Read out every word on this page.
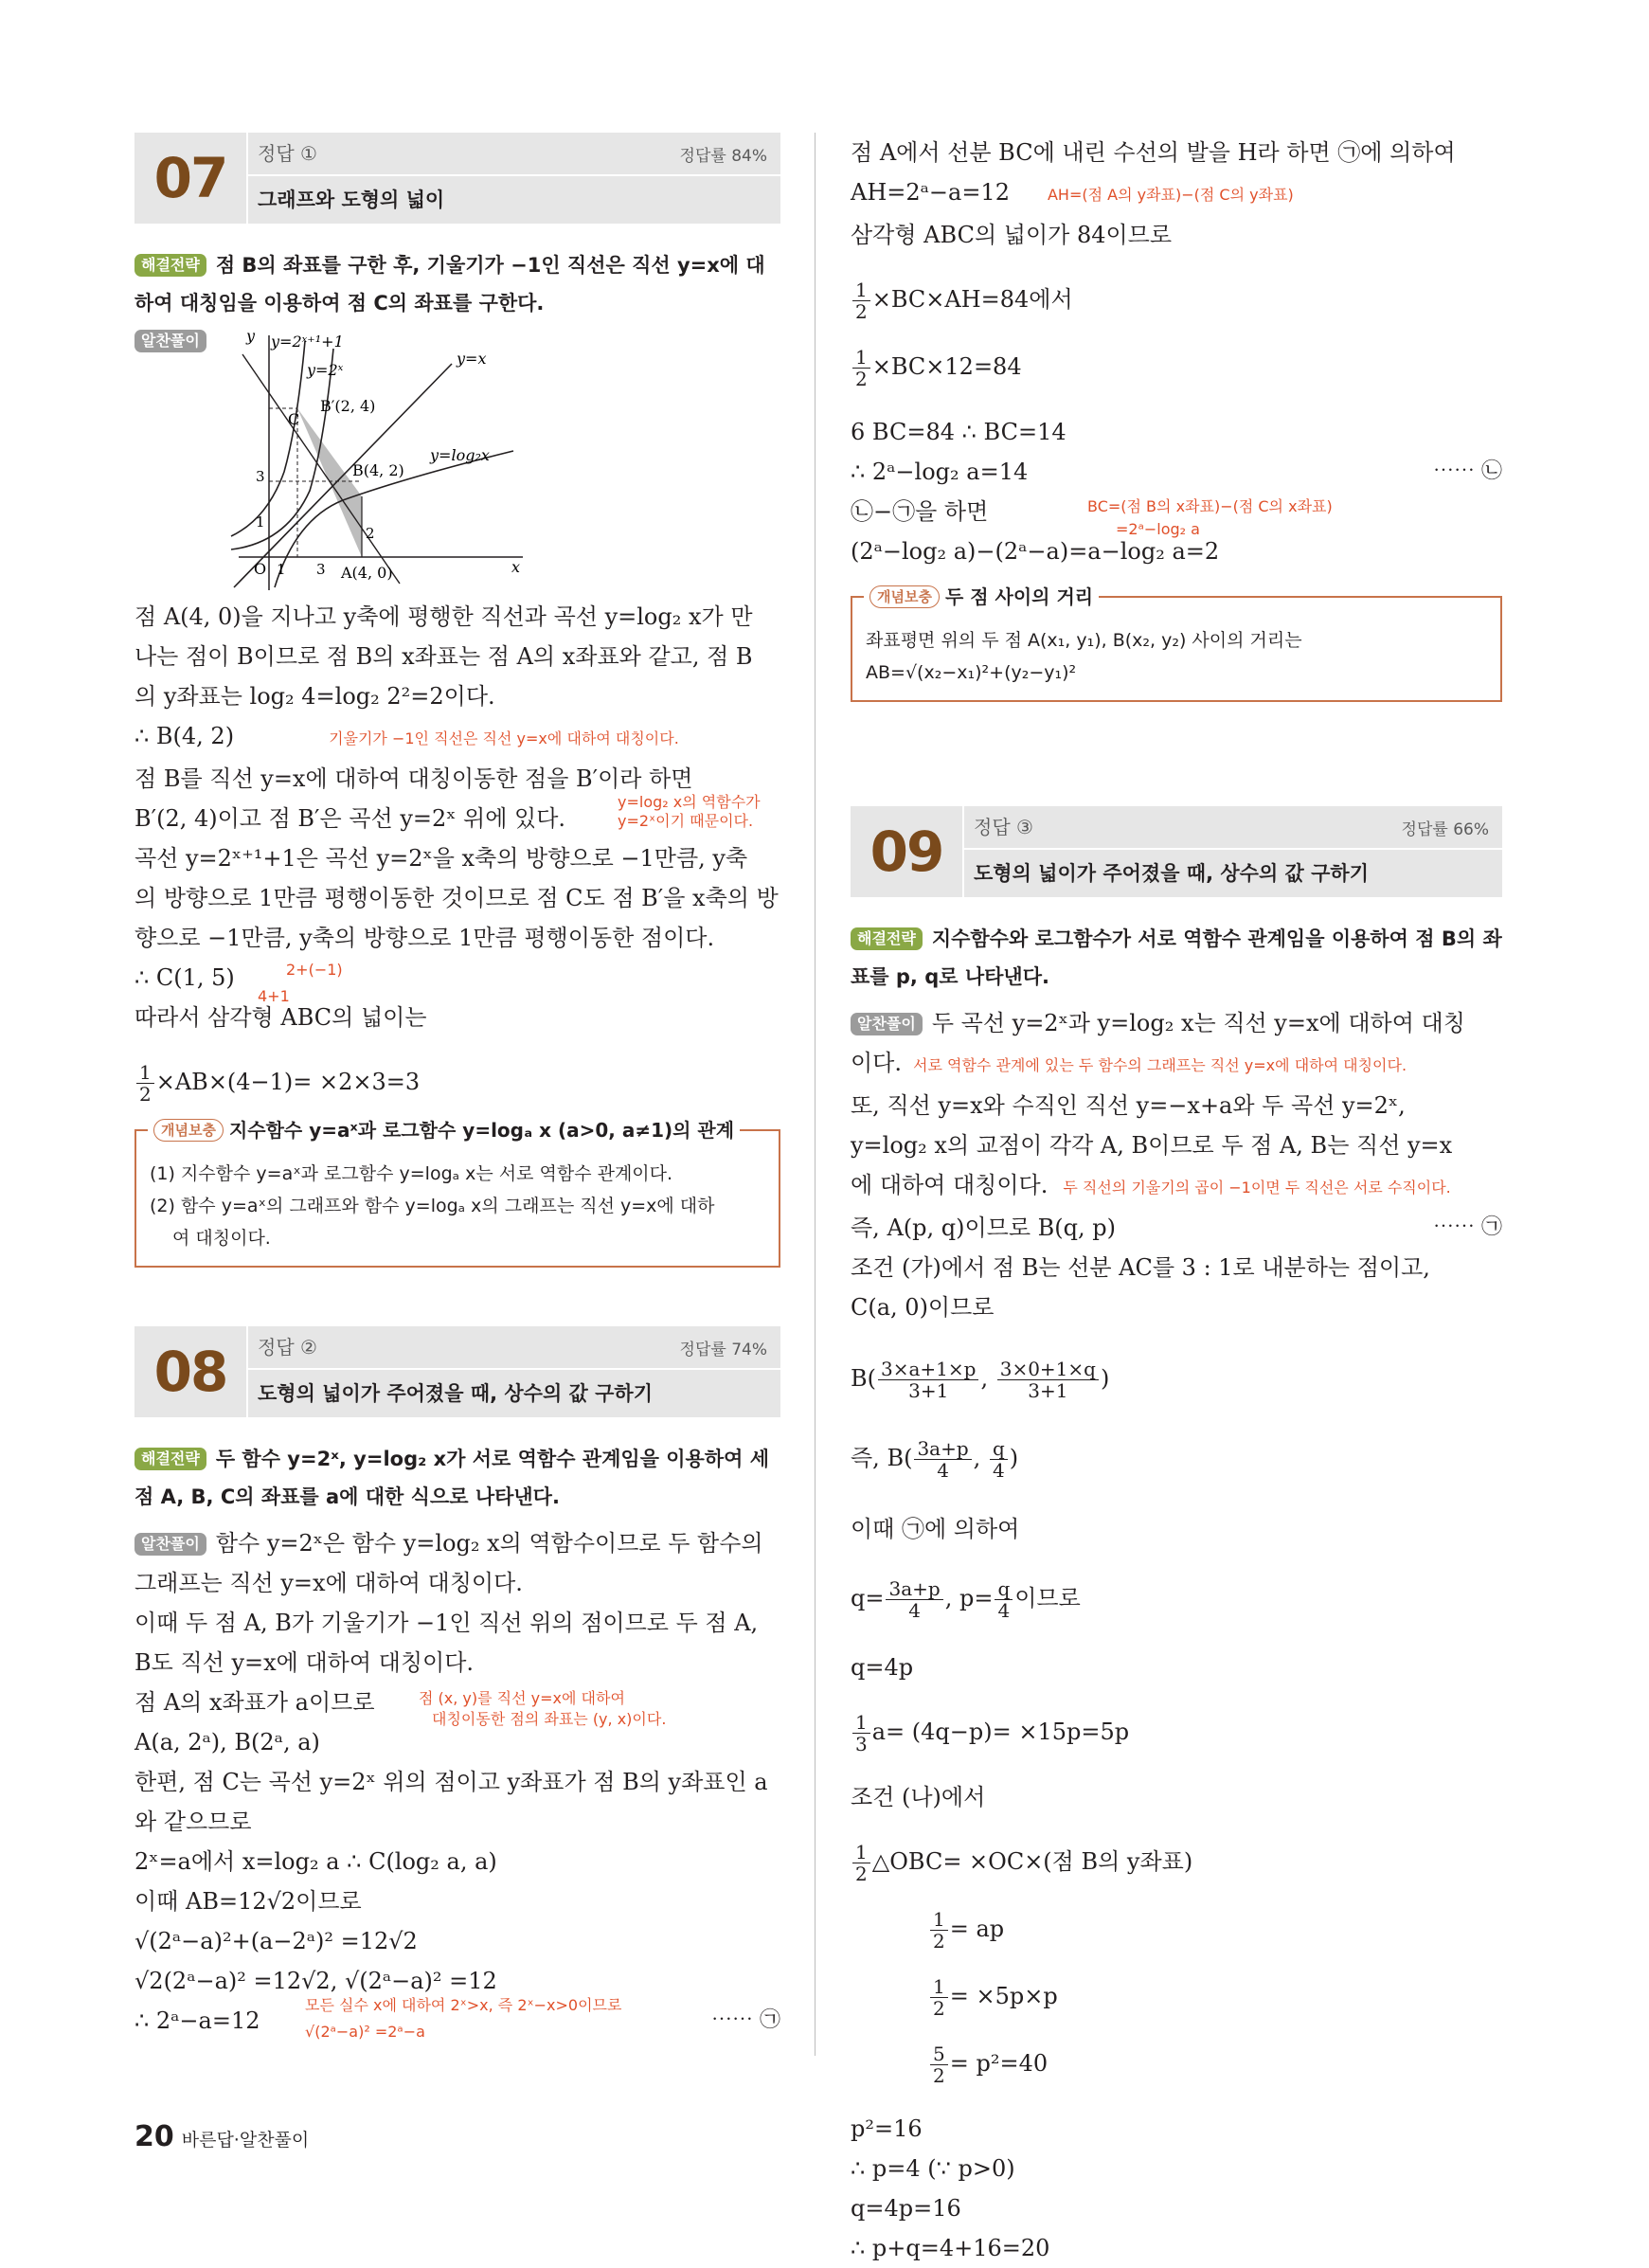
07	정답 ①	정답률 84%
그래프와 도형의 넓이
해결전략 점 B의 좌표를 구한 후, 기울기가 −1인 직선은 직선 y=x에 대하여 대칭임을 이용하여 점 C의 좌표를 구한다.
알찬풀이	y
x
O
y=2ˣ⁺¹+1
y=2ˣ
y=x
y=log₂x
B′(2, 4)
B(4, 2)
A(4, 0)
C
3
1
2
1 3

점 A(4, 0)을 지나고 y축에 평행한 직선과 곡선 y=log₂ x가 만

나는 점이 B이므로 점 B의 x좌표는 점 A의 x좌표와 같고, 점 B

의 y좌표는 log₂ 4=log₂ 2²=2이다.

∴ B(4, 2)	기울기가 −1인 직선은 직선 y=x에 대하여 대칭이다.

점 B를 직선 y=x에 대하여 대칭이동한 점을 B′이라 하면

B′(2, 4)이고 점 B′은 곡선 y=2ˣ 위에 있다.
y=log₂ x의 역함수가
y=2ˣ이기 때문이다.

곡선 y=2ˣ⁺¹+1은 곡선 y=2ˣ을 x축의 방향으로 −1만큼, y축

의 방향으로 1만큼 평행이동한 것이므로 점 C도 점 B′을 x축의 방

향으로 −1만큼, y축의 방향으로 1만큼 평행이동한 점이다.

∴ C(1, 5)	2+(−1)
4+1

따라서 삼각형 ABC의 넓이는

$\frac{1}{2} \times AB\times(4-1)= \times 2\times 3=3$

개념보충 지수함수 y=aˣ과 로그함수 y=logₐ x (a>0, a≠1)의 관계

(1) 지수함수 y=aˣ과 로그함수 y=logₐ x는 서로 역함수 관계이다.

(2) 함수 y=aˣ의 그래프와 함수 y=logₐ x의 그래프는 직선 y=x에 대하

여 대칭이다.

08	정답 ②	정답률 74%
도형의 넓이가 주어졌을 때, 상수의 값 구하기
해결전략 두 함수 y=2ˣ, y=log₂ x가 서로 역함수 관계임을 이용하여 세
점 A, B, C의 좌표를 a에 대한 식으로 나타낸다.

알찬풀이 함수 y=2ˣ은 함수 y=log₂ x의 역함수이므로 두 함수의

그래프는 직선 y=x에 대하여 대칭이다.

이때 두 점 A, B가 기울기가 −1인 직선 위의 점이므로 두 점 A,

B도 직선 y=x에 대하여 대칭이다.

점 A의 x좌표가 a이므로	점 (x, y)를 직선 y=x에 대하여
대칭이동한 점의 좌표는 (y, x)이다.

A(a, 2ᵃ), B(2ᵃ, a)

한편, 점 C는 곡선 y=2ˣ 위의 점이고 y좌표가 점 B의 y좌표인 a

와 같으므로

2ˣ=a에서 x=log₂ a ∴ C(log₂ a, a)

이때 AB=12√2이므로

√(2ᵃ−a)²+(a−2ᵃ)² =12√2

√2(2ᵃ−a)² =12√2, √(2ᵃ−a)² =12
모든 실수 x에 대하여 2ˣ>x, 즉 2ˣ−x>0이므로

∴ 2ᵃ−a=12	√(2ᵃ−a)² =2ᵃ−a	⋯⋯ ㉠

점 A에서 선분 BC에 내린 수선의 발을 H라 하면 ㉠에 의하여

AH=2ᵃ−a=12	AH=(점 A의 y좌표)−(점 C의 y좌표)

삼각형 ABC의 넓이가 84이므로

$\frac{1}{2} \times BC\times AH=84$에서

$\frac{1}{2} \times BC\times 12=84$

6 BC=84 ∴ BC=14

∴ 2ᵃ−log₂ a=14	⋯⋯ ㉡

㉡−㉠을 하면	BC=(점 B의 x좌표)−(점 C의 x좌표)
=2ᵃ−log₂ a

(2ᵃ−log₂ a)−(2ᵃ−a)=a−log₂ a=2

개념보충 두 점 사이의 거리

좌표평면 위의 두 점 A(x₁, y₁), B(x₂, y₂) 사이의 거리는

AB=√(x₂−x₁)²+(y₂−y₁)²

09	정답 ③	정답률 66%
도형의 넓이가 주어졌을 때, 상수의 값 구하기
해결전략 지수함수와 로그함수가 서로 역함수 관계임을 이용하여 점 B의 좌
표를 p, q로 나타낸다.

알찬풀이 두 곡선 y=2ˣ과 y=log₂ x는 직선 y=x에 대하여 대칭

이다. 서로 역함수 관계에 있는 두 함수의 그래프는 직선 y=x에 대하여 대칭이다.

또, 직선 y=x와 수직인 직선 y=−x+a와 두 곡선 y=2ˣ,

y=log₂ x의 교점이 각각 A, B이므로 두 점 A, B는 직선 y=x

에 대하여 대칭이다. 두 직선의 기울기의 곱이 −1이면 두 직선은 서로 수직이다.

즉, A(p, q)이므로 B(q, p)	⋯⋯ ㉠

조건 (가)에서 점 B는 선분 AC를 3 : 1로 내분하는 점이고,

C(a, 0)이므로

$B( \frac{3\times a+1\times p}{3+1}$ , $\frac{3\times 0+1\times q}{3+1}$ )

즉, $B( \frac{3a+p}{4}$ , $\frac{q}{4}$ )

이때 ㉠에 의하여

$q= \frac{3a+p}{4}$ , $p= \frac{q}{4}$ 이므로

q=4p

$\frac{1}{3} a= (4q-p)= \times 15p=5p$

조건 (나)에서

$\frac{1}{2}$ △OBC= ×OC×(점 B의 y좌표)

$\frac{1}{2}$ = ap

$\frac{1}{2} = \times 5p\times p$

$\frac{5}{2} = p^2=40$

p²=16

∴ p=4 (∵ p>0)

q=4p=16

∴ p+q=4+16=20

20 바른답·알찬풀이
